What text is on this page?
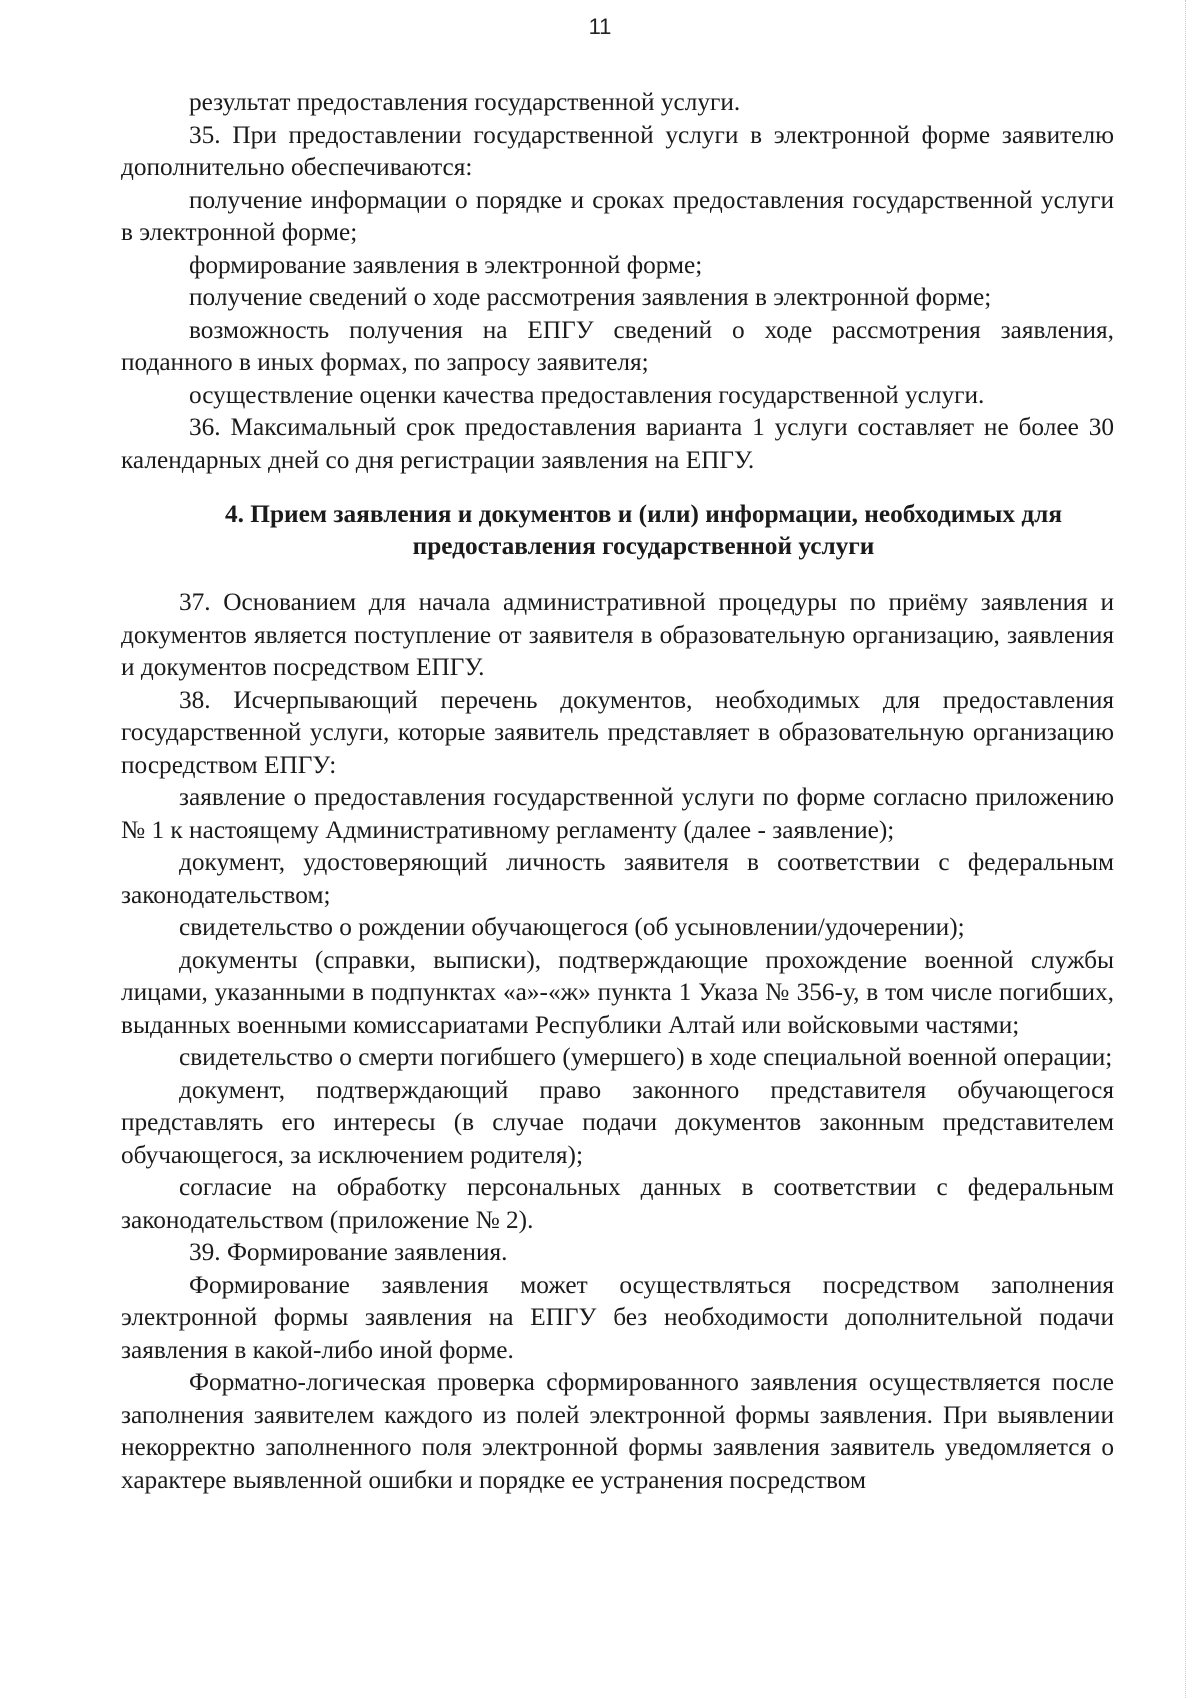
11

результат предоставления государственной услуги.

35. При предоставлении государственной услуги в электронной форме заявителю дополнительно обеспечиваются:

получение информации о порядке и сроках предоставления государственной услуги в электронной форме;

формирование заявления в электронной форме;

получение сведений о ходе рассмотрения заявления в электронной форме;

возможность получения на ЕПГУ сведений о ходе рассмотрения заявления, поданного в иных формах, по запросу заявителя;

осуществление оценки качества предоставления государственной услуги.

36. Максимальный срок предоставления варианта 1 услуги составляет не более 30 календарных дней со дня регистрации заявления на ЕПГУ.

4. Прием заявления и документов и (или) информации, необходимых для предоставления государственной услуги

37. Основанием для начала административной процедуры по приёму заявления и документов является поступление от заявителя в образовательную организацию, заявления и документов посредством ЕПГУ.

38. Исчерпывающий перечень документов, необходимых для предоставления государственной услуги, которые заявитель представляет в образовательную организацию посредством ЕПГУ:

заявление о предоставления государственной услуги по форме согласно приложению № 1 к настоящему Административному регламенту (далее - заявление);

документ, удостоверяющий личность заявителя в соответствии с федеральным законодательством;

свидетельство о рождении обучающегося (об усыновлении/удочерении);

документы (справки, выписки), подтверждающие прохождение военной службы лицами, указанными в подпунктах «а»-«ж» пункта 1 Указа № 356-у, в том числе погибших, выданных военными комиссариатами Республики Алтай или войсковыми частями;

свидетельство о смерти погибшего (умершего) в ходе специальной военной операции;

документ, подтверждающий право законного представителя обучающегося представлять его интересы (в случае подачи документов законным представителем обучающегося, за исключением родителя);

согласие на обработку персональных данных в соответствии с федеральным законодательством (приложение № 2).

39. Формирование заявления.

Формирование заявления может осуществляться посредством заполнения электронной формы заявления на ЕПГУ без необходимости дополнительной подачи заявления в какой-либо иной форме.

Форматно-логическая проверка сформированного заявления осуществляется после заполнения заявителем каждого из полей электронной формы заявления. При выявлении некорректно заполненного поля электронной формы заявления заявитель уведомляется о характере выявленной ошибки и порядке ее устранения посредством
